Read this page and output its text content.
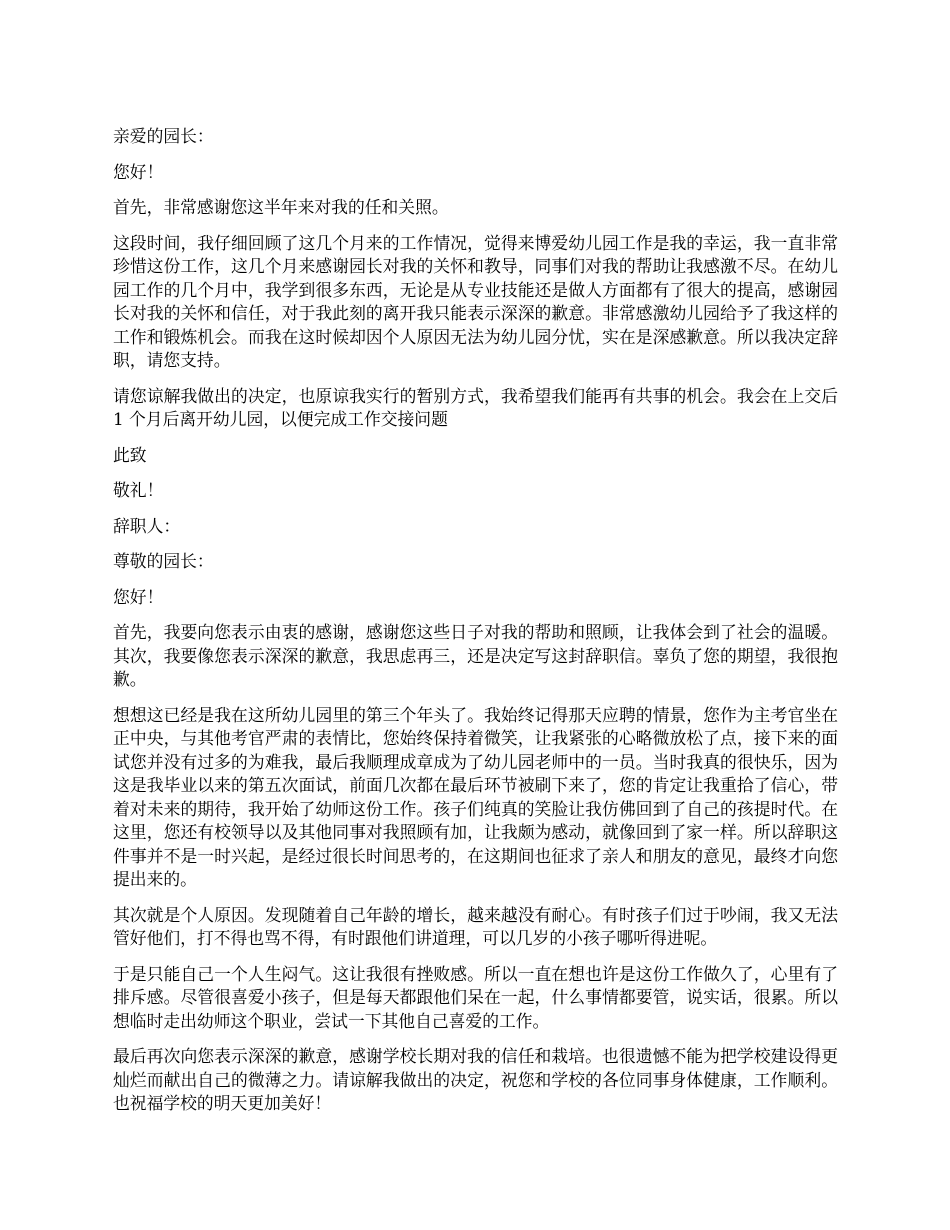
亲爱的园长：

您好！

首先，非常感谢您这半年来对我的任和关照。

这段时间，我仔细回顾了这几个月来的工作情况，觉得来博爱幼儿园工作是我的幸运，我一直非常珍惜这份工作，这几个月来感谢园长对我的关怀和教导，同事们对我的帮助让我感激不尽。在幼儿园工作的几个月中，我学到很多东西，无论是从专业技能还是做人方面都有了很大的提高，感谢园长对我的关怀和信任，对于我此刻的离开我只能表示深深的歉意。非常感激幼儿园给予了我这样的工作和锻炼机会。而我在这时候却因个人原因无法为幼儿园分忧，实在是深感歉意。所以我决定辞职，请您支持。

请您谅解我做出的决定，也原谅我实行的暂别方式，我希望我们能再有共事的机会。我会在上交后 1 个月后离开幼儿园，以便完成工作交接问题

此致

敬礼！

辞职人：

尊敬的园长：

您好！

首先，我要向您表示由衷的感谢，感谢您这些日子对我的帮助和照顾，让我体会到了社会的温暖。其次，我要像您表示深深的歉意，我思虑再三，还是决定写这封辞职信。辜负了您的期望，我很抱歉。

想想这已经是我在这所幼儿园里的第三个年头了。我始终记得那天应聘的情景，您作为主考官坐在正中央，与其他考官严肃的表情比，您始终保持着微笑，让我紧张的心略微放松了点，接下来的面试您并没有过多的为难我，最后我顺理成章成为了幼儿园老师中的一员。当时我真的很快乐，因为这是我毕业以来的第五次面试，前面几次都在最后环节被刷下来了，您的肯定让我重拾了信心，带着对未来的期待，我开始了幼师这份工作。孩子们纯真的笑脸让我仿佛回到了自己的孩提时代。在这里，您还有校领导以及其他同事对我照顾有加，让我颇为感动，就像回到了家一样。所以辞职这件事并不是一时兴起，是经过很长时间思考的，在这期间也征求了亲人和朋友的意见，最终才向您提出来的。

其次就是个人原因。发现随着自己年龄的增长，越来越没有耐心。有时孩子们过于吵闹，我又无法管好他们，打不得也骂不得，有时跟他们讲道理，可以几岁的小孩子哪听得进呢。

于是只能自己一个人生闷气。这让我很有挫败感。所以一直在想也许是这份工作做久了，心里有了排斥感。尽管很喜爱小孩子，但是每天都跟他们呆在一起，什么事情都要管，说实话，很累。所以想临时走出幼师这个职业，尝试一下其他自己喜爱的工作。

最后再次向您表示深深的歉意，感谢学校长期对我的信任和栽培。也很遗憾不能为把学校建设得更灿烂而献出自己的微薄之力。请谅解我做出的决定，祝您和学校的各位同事身体健康，工作顺利。也祝福学校的明天更加美好！
